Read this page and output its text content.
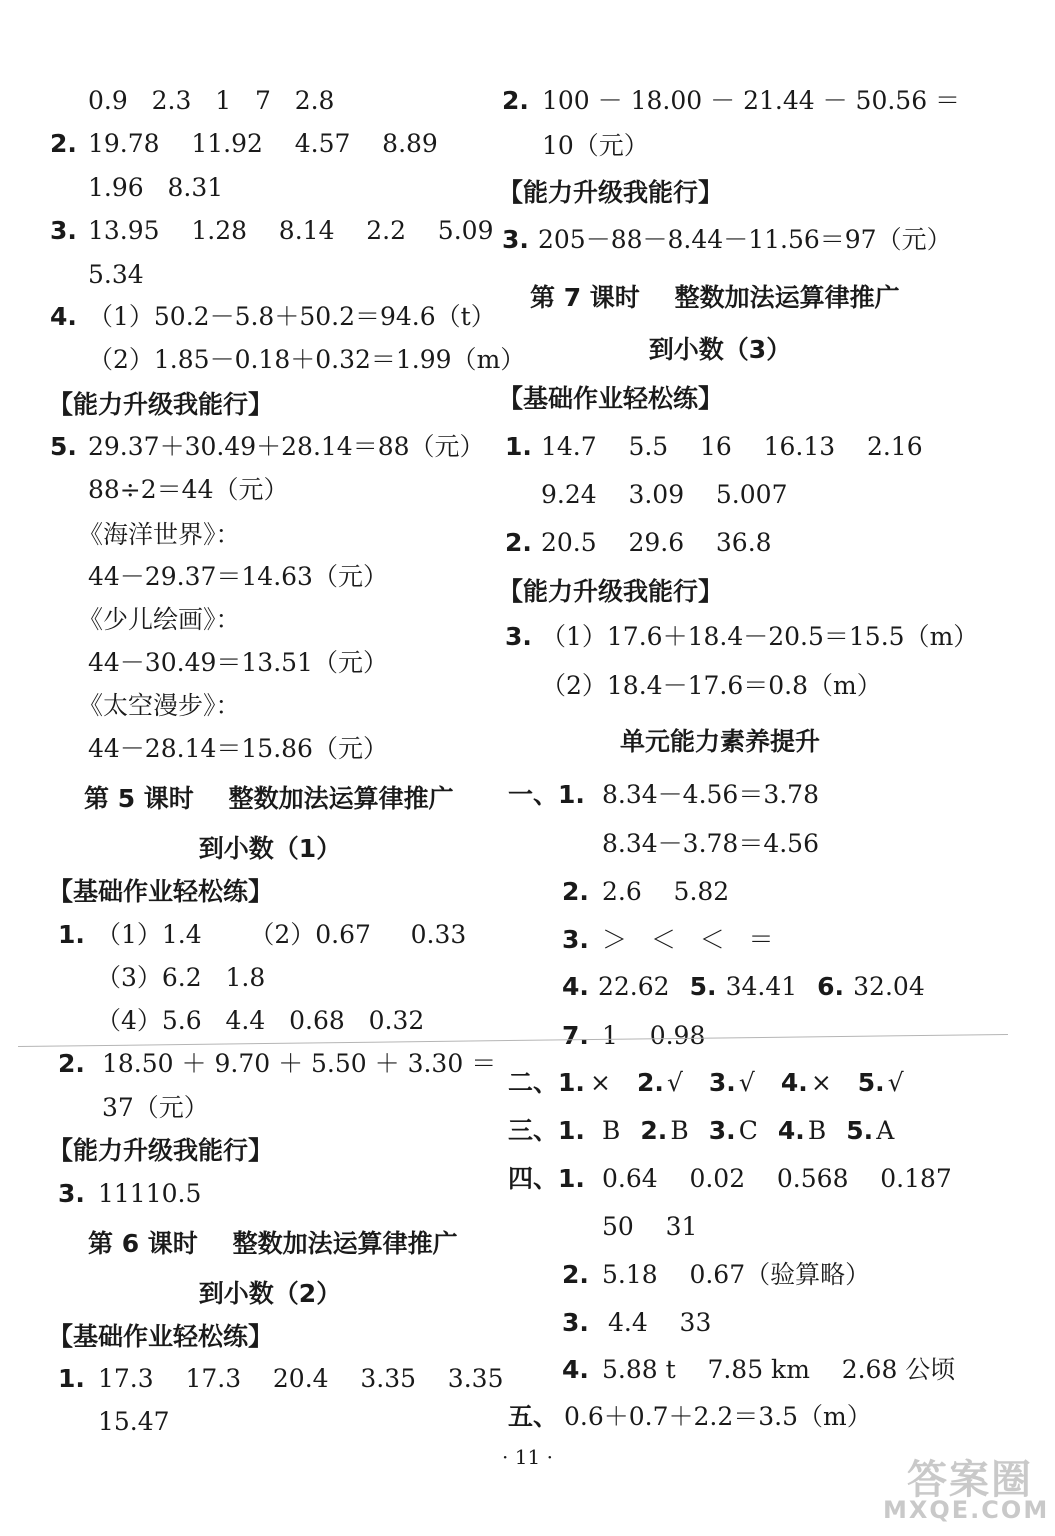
0.9   2.3   1   7   2.8
2. 19.78    11.92    4.57    8.89
1.96   8.31
3. 13.95    1.28    8.14    2.2    5.09
5.34
4. （1）50.2－5.8＋50.2＝94.6（t）
（2）1.85－0.18＋0.32＝1.99（m）
【能力升级我能行】
5. 29.37＋30.49＋28.14＝88（元）
88÷2＝44（元）
《海洋世界》：
44－29.37＝14.63（元）
《少儿绘画》：
44－30.49＝13.51（元）
《太空漫步》：
44－28.14＝15.86（元）
第 5 课时    整数加法运算律推广
到小数（1）
【基础作业轻松练】
1. （1）1.4      （2）0.67     0.33
（3）6.2   1.8
（4）5.6   4.4   0.68   0.32
2. 18.50 ＋ 9.70 ＋ 5.50 ＋ 3.30 ＝
37（元）
【能力升级我能行】
3. 11110.5
第 6 课时    整数加法运算律推广
到小数（2）
【基础作业轻松练】
1. 17.3    17.3    20.4    3.35    3.35
15.47
2. 100 － 18.00 － 21.44 － 50.56 ＝
10（元）
【能力升级我能行】
3. 205－88－8.44－11.56＝97（元）
第 7 课时    整数加法运算律推广
到小数（3）
【基础作业轻松练】
1. 14.7    5.5    16    16.13    2.16
9.24    3.09    5.007
2. 20.5    29.6    36.8
【能力升级我能行】
3. （1）17.6＋18.4－20.5＝15.5（m）
（2）18.4－17.6＝0.8（m）
单元能力素养提升
一、1. 8.34－4.56＝3.78
8.34－3.78＝4.56
2. 2.6    5.82
3. ＞   ＜   ＜   ＝
4. 22.62 5. 34.41 6. 32.04
7. 1    0.98
二、1. × 2. √ 3. √ 4. × 5. √
三、1. B 2. B 3. C 4. B 5. A
四、1. 0.64    0.02    0.568    0.187
50    31
2. 5.18    0.67（验算略）
3. 4.4    33
4. 5.88 t    7.85 km    2.68 公顷
五、 0.6＋0.7＋2.2＝3.5（m）
· 11 ·	答案圈
MXQE.COM
